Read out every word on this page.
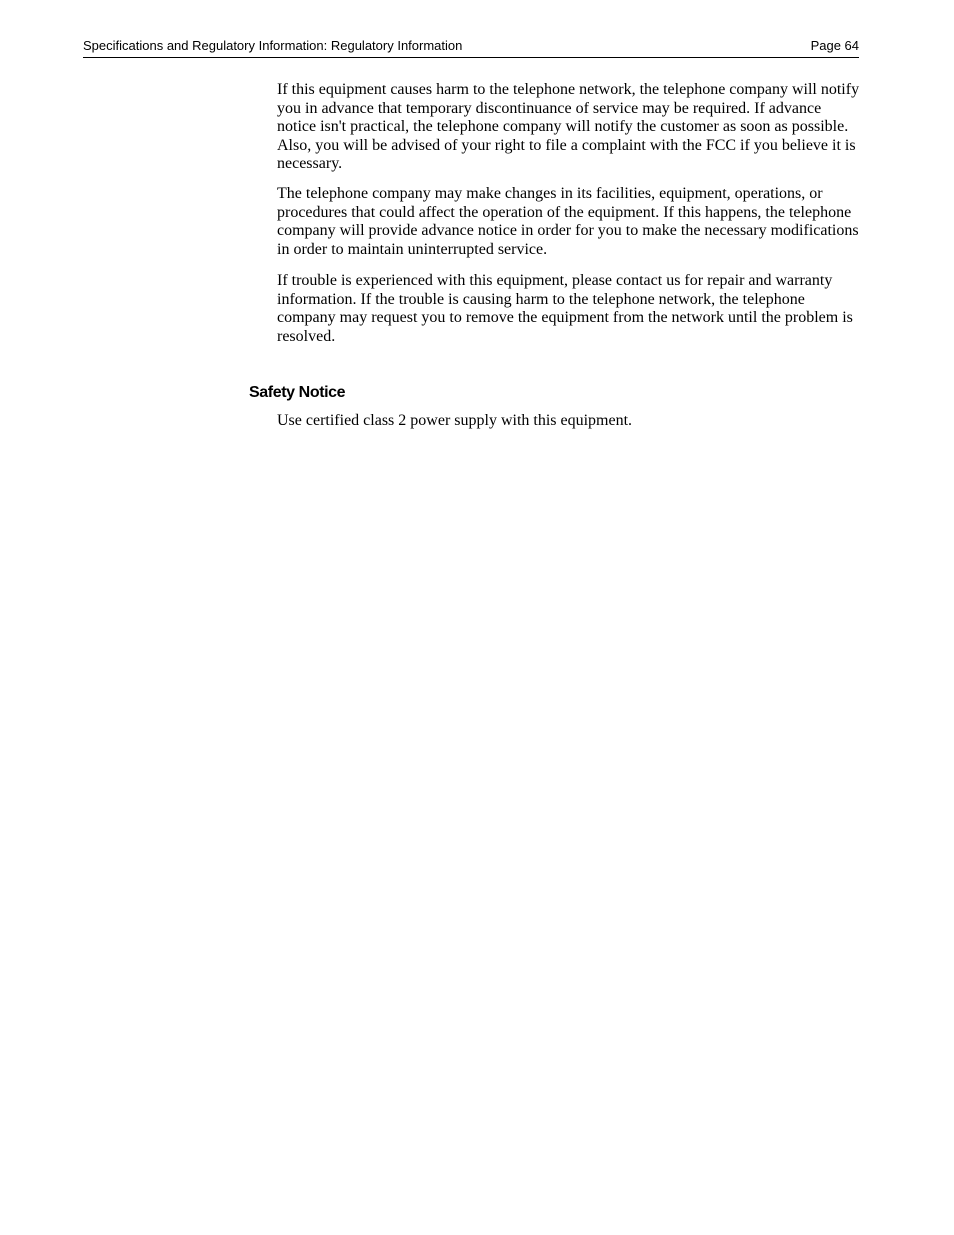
Specifications and Regulatory Information: Regulatory Information	Page 64

If this equipment causes harm to the telephone network, the telephone company will notify you in advance that temporary discontinuance of service may be required. If advance notice isn't practical, the telephone company will notify the customer as soon as possible. Also, you will be advised of your right to file a complaint with the FCC if you believe it is necessary.

The telephone company may make changes in its facilities, equipment, operations, or procedures that could affect the operation of the equipment. If this happens, the telephone company will provide advance notice in order for you to make the necessary modifications in order to maintain uninterrupted service.

If trouble is experienced with this equipment, please contact us for repair and warranty information. If the trouble is causing harm to the telephone network, the telephone company may request you to remove the equipment from the network until the problem is resolved.

Safety Notice

Use certified class 2 power supply with this equipment.
